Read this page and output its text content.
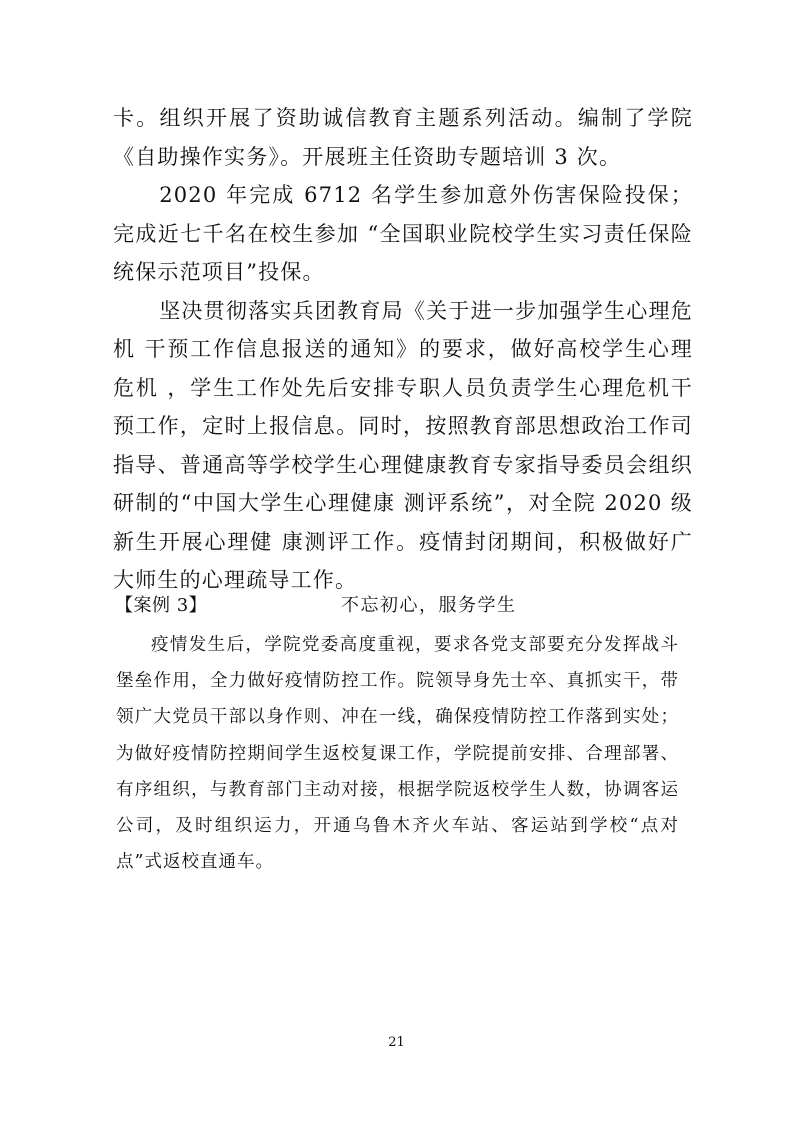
卡。组织开展了资助诚信教育主题系列活动。编制了学院《自助操作实务》。开展班主任资助专题培训 3 次。

2020 年完成 6712 名学生参加意外伤害保险投保；完成近七千名在校生参加 “全国职业院校学生实习责任保险统保示范项目”投保。

坚决贯彻落实兵团教育局《关于进一步加强学生心理危机 干预工作信息报送的通知》的要求，做好高校学生心理危机 ，学生工作处先后安排专职人员负责学生心理危机干预工作，定时上报信息。同时，按照教育部思想政治工作司指导、普通高等学校学生心理健康教育专家指导委员会组织研制的“中国大学生心理健康 测评系统”，对全院 2020 级新生开展心理健 康测评工作。疫情封闭期间，积极做好广大师生的心理疏导工作。

【案例 3】	不忘初心，服务学生

疫情发生后，学院党委高度重视，要求各党支部要充分发挥战斗堡垒作用，全力做好疫情防控工作。院领导身先士卒、真抓实干，带领广大党员干部以身作则、冲在一线，确保疫情防控工作落到实处；为做好疫情防控期间学生返校复课工作，学院提前安排、合理部署、有序组织，与教育部门主动对接，根据学院返校学生人数，协调客运公司，及时组织运力，开通乌鲁木齐火车站、客运站到学校“点对点”式返校直通车。

21
